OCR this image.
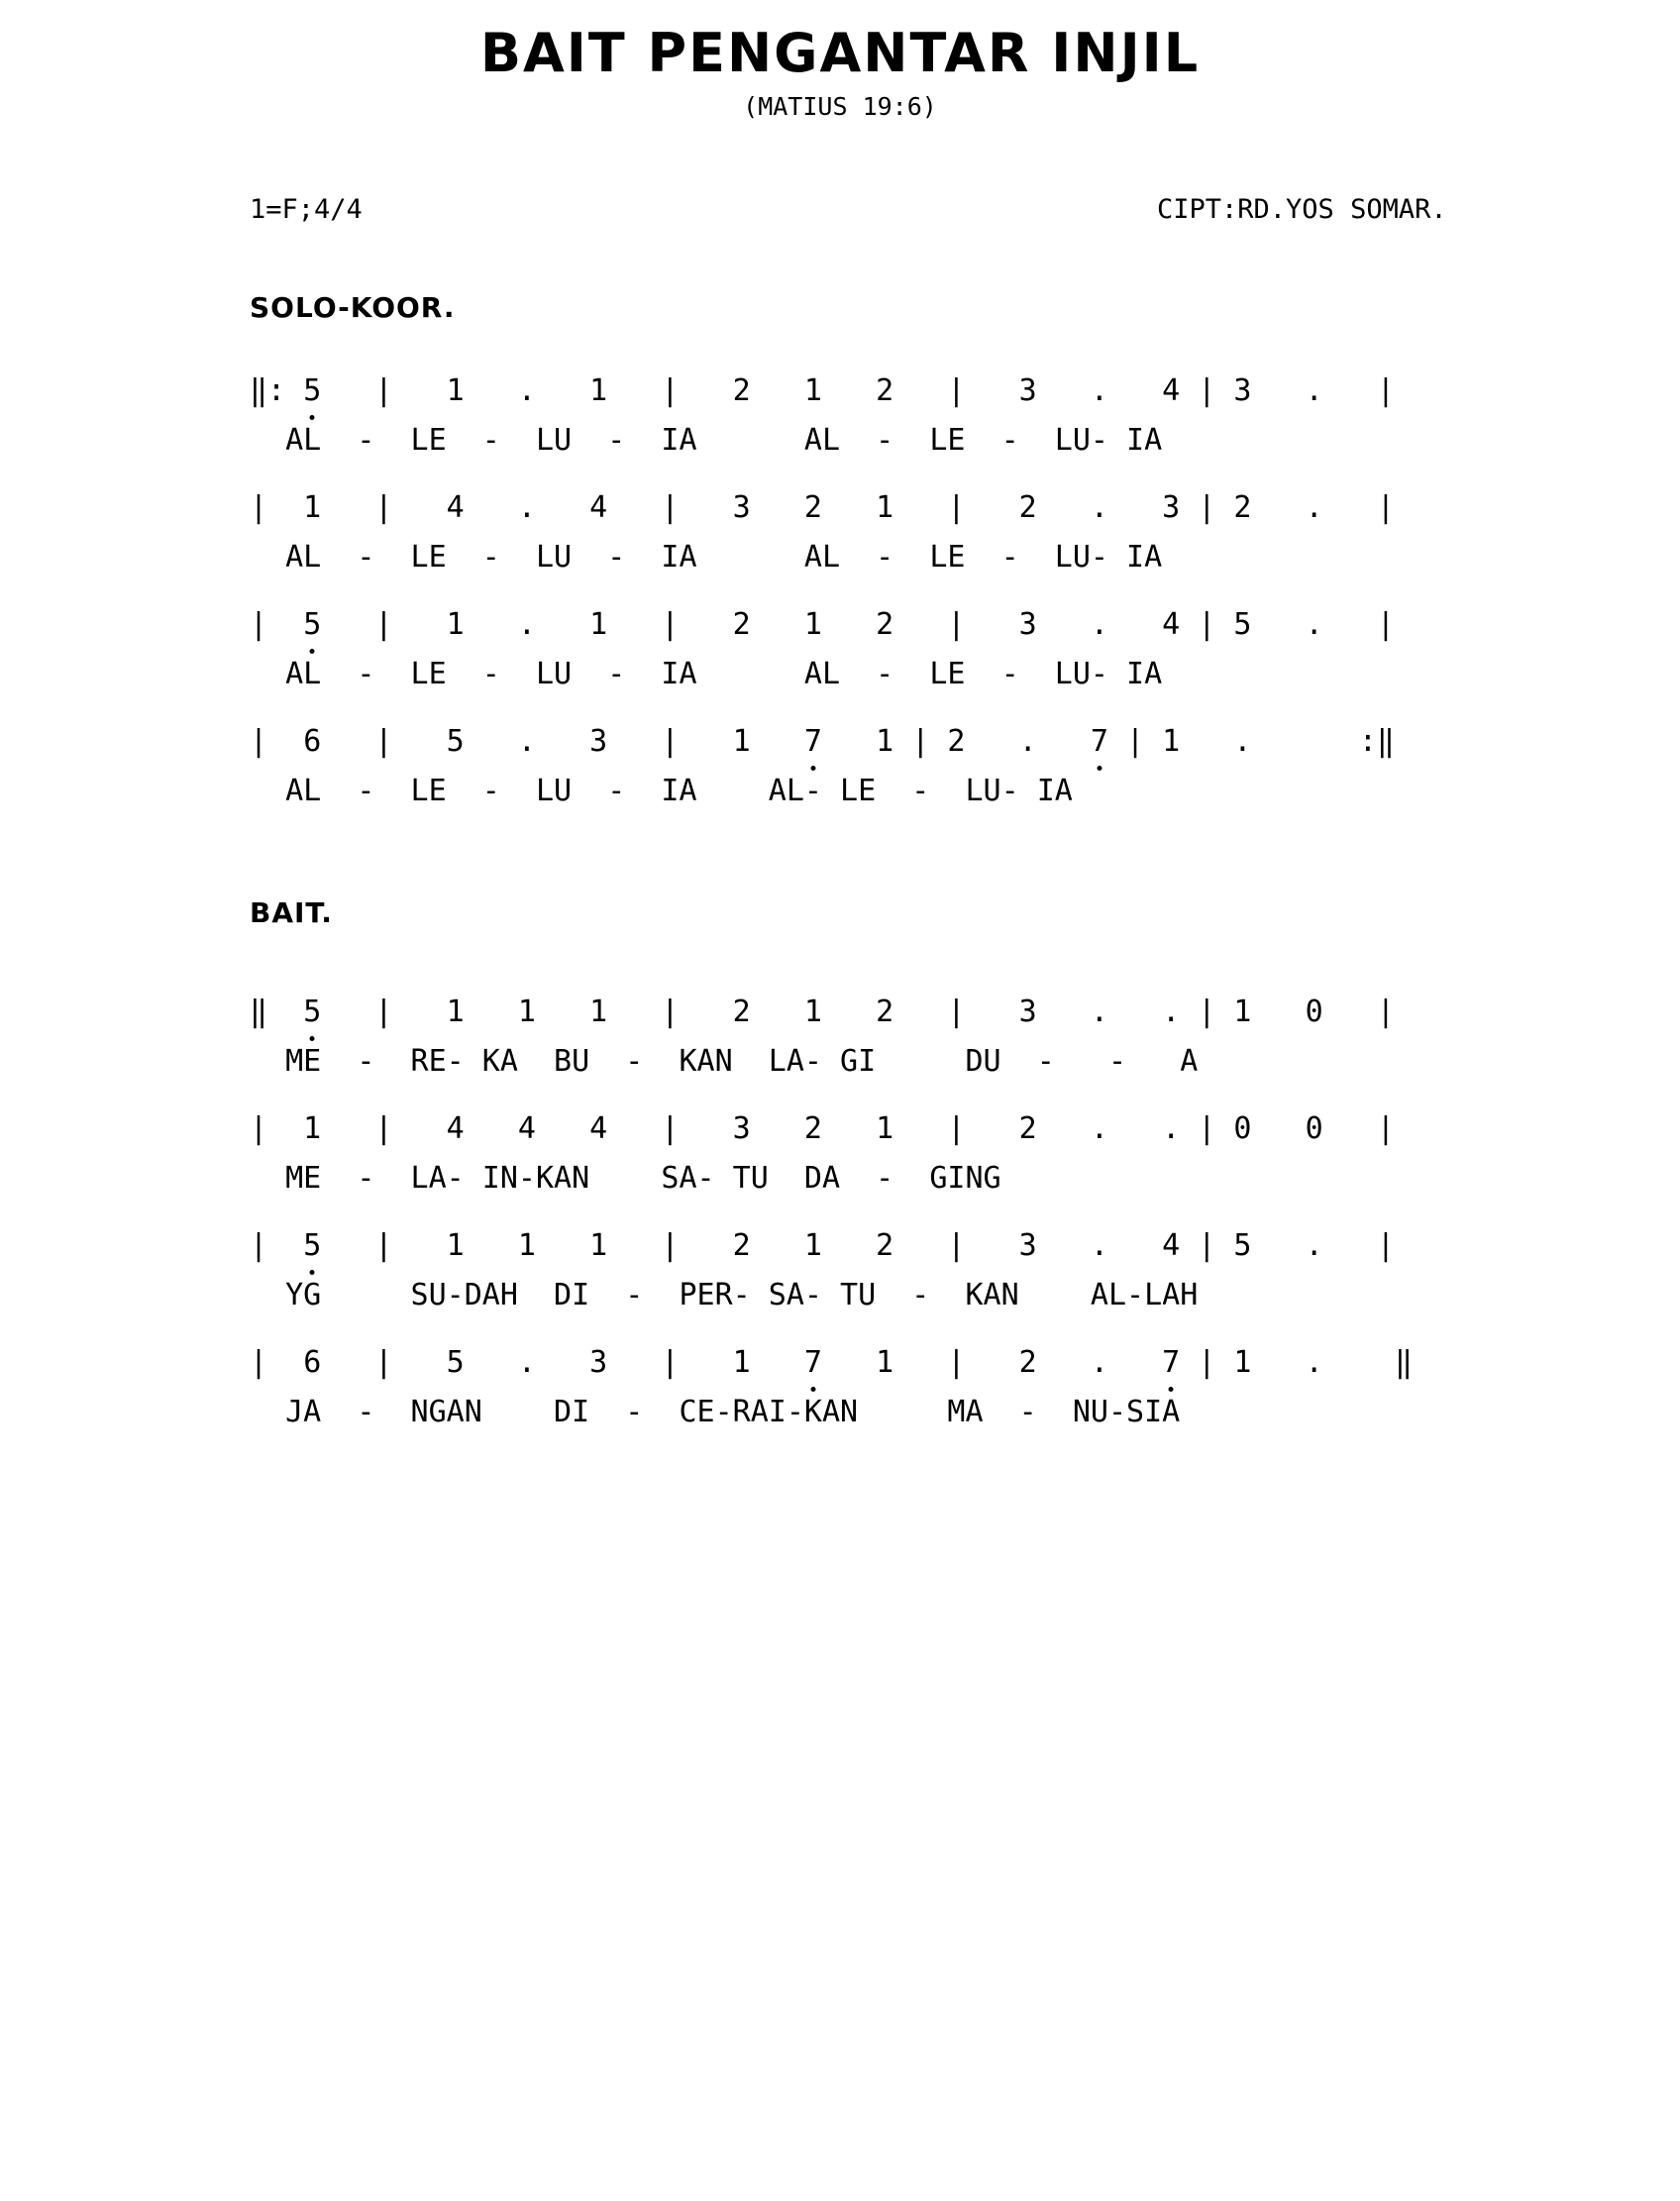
BAIT PENGANTAR INJIL
(MATIUS 19:6)
1=F;4/4	CIPT:RD.YOS SOMAR.
SOLO-KOOR.
‖: 5   |   1   .   1   |   2   1   2   |   3   .   4 | 3   .   |
AL  -  LE  -  LU  -  IA      AL  -  LE  -  LU- IA
|  1   |   4   .   4   |   3   2   1   |   2   .   3 | 2   .   |
AL  -  LE  -  LU  -  IA      AL  -  LE  -  LU- IA
|  5   |   1   .   1   |   2   1   2   |   3   .   4 | 5   .   |
AL  -  LE  -  LU  -  IA      AL  -  LE  -  LU- IA
|  6   |   5   .   3   |   1   7   1 | 2   .   7 | 1   .      :‖
AL  -  LE  -  LU  -  IA    AL- LE  -  LU- IA
BAIT.
‖  5   |   1   1   1   |   2   1   2   |   3   .   . | 1   0   |
ME  -  RE- KA  BU  -  KAN  LA- GI     DU  -   -   A
|  1   |   4   4   4   |   3   2   1   |   2   .   . | 0   0   |
ME  -  LA- IN-KAN    SA- TU  DA  -  GING
|  5   |   1   1   1   |   2   1   2   |   3   .   4 | 5   .   |
YG     SU-DAH  DI  -  PER- SA- TU  -  KAN    AL-LAH
|  6   |   5   .   3   |   1   7   1   |   2   .   7 | 1   .    ‖
JA  -  NGAN    DI  -  CE-RAI-KAN     MA  -  NU-SIA
